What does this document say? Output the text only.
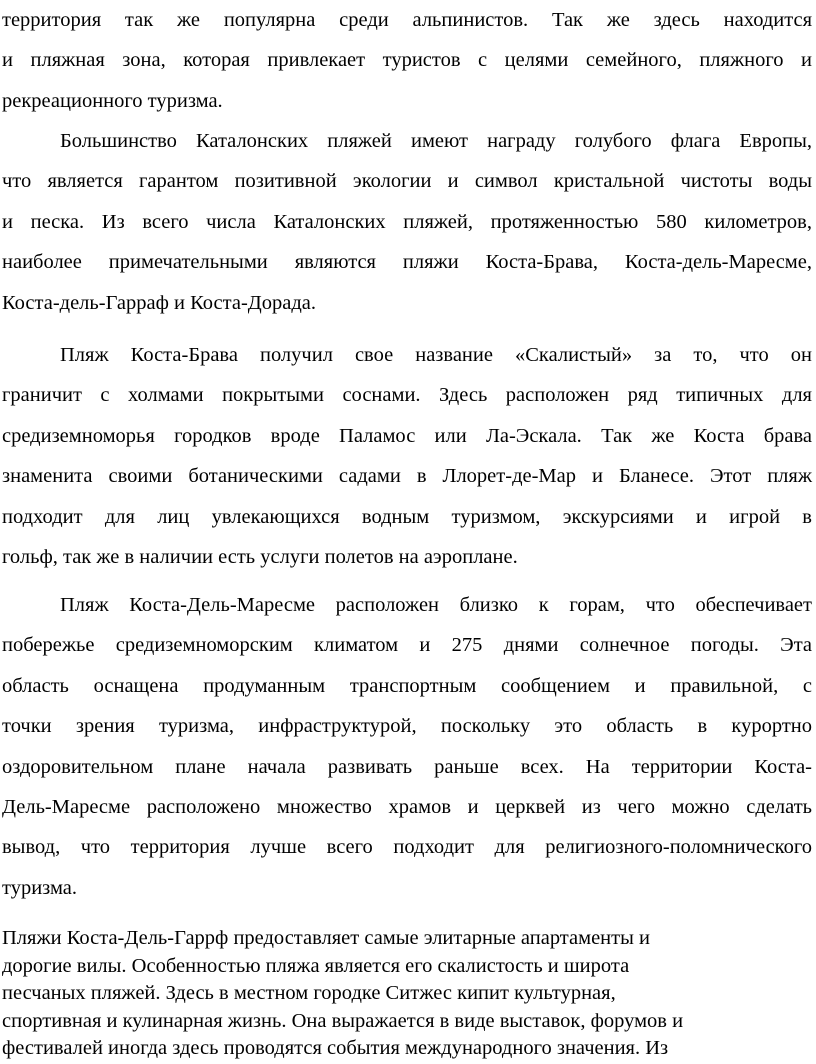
территория так же популярна среди альпинистов. Так же здесь находится
и пляжная зона, которая привлекает туристов с целями семейного, пляжного и
рекреационного туризма.

Большинство Каталонских пляжей имеют награду голубого флага Европы,
что является гарантом позитивной экологии и символ кристальной чистоты воды
и песка. Из всего числа Каталонских пляжей, протяженностью 580 километров,
наиболее примечательными являются пляжи Коста-Брава, Коста-дель-Маресме,
Коста-дель-Гарраф и Коста-Дорада.

Пляж Коста-Брава получил свое название «Скалистый» за то, что он
граничит с холмами покрытыми соснами. Здесь расположен ряд типичных для
средиземноморья городков вроде Паламос или Ла-Эскала. Так же Коста брава
знаменита своими ботаническими садами в Ллорет-де-Мар и Бланесе. Этот пляж
подходит для лиц увлекающихся водным туризмом, экскурсиями и игрой в
гольф, так же в наличии есть услуги полетов на аэроплане.

Пляж Коста-Дель-Маресме расположен близко к горам, что обеспечивает
побережье средиземноморским климатом и 275 днями солнечное погоды. Эта
область оснащена продуманным транспортным сообщением и правильной, с
точки зрения туризма, инфраструктурой, поскольку это область в курортно
оздоровительном плане начала развивать раньше всех. На территории Коста-
Дель-Маресме расположено множество храмов и церквей из чего можно сделать
вывод, что территория лучше всего подходит для религиозного-поломнического
туризма.

Пляжи Коста-Дель-Гаррф предоставляет самые элитарные апартаменты и
дорогие вилы. Особенностью пляжа является его скалистость и широта
песчаных пляжей. Здесь в местном городке Ситжес кипит культурная,
спортивная и кулинарная жизнь. Она выражается в виде выставок, форумов и
фестивалей иногда здесь проводятся события международного значения. Из
